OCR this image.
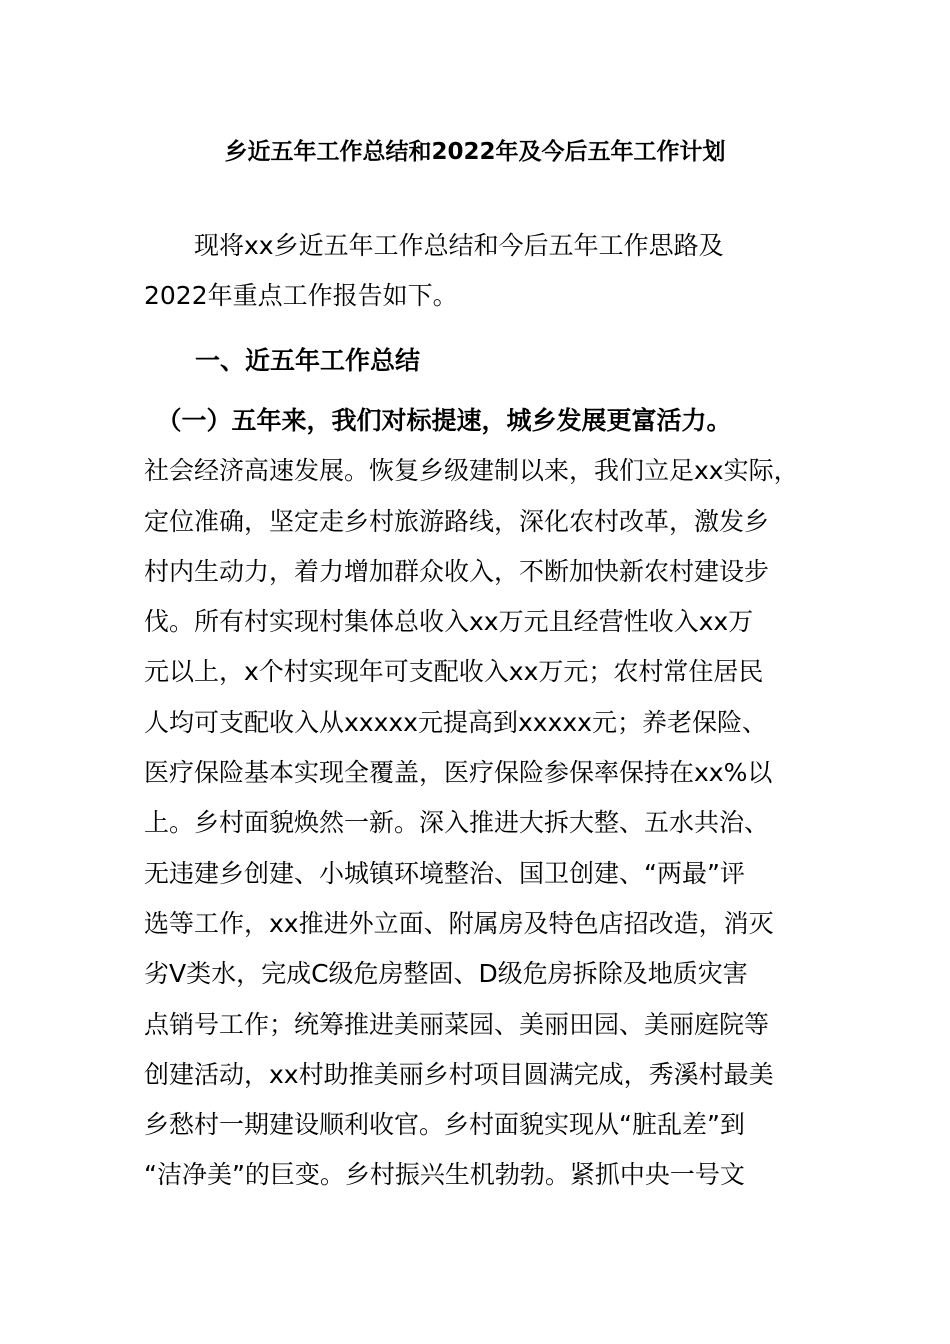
乡近五年工作总结和2022年及今后五年工作计划

　　现将xx乡近五年工作总结和今后五年工作思路及
2022年重点工作报告如下。

一、近五年工作总结

　（一）五年来，我们对标提速，城乡发展更富活力。
社会经济高速发展。恢复乡级建制以来，我们立足xx实际，
定位准确，坚定走乡村旅游路线，深化农村改革，激发乡
村内生动力，着力增加群众收入，不断加快新农村建设步
伐。所有村实现村集体总收入xx万元且经营性收入xx万
元以上，x个村实现年可支配收入xx万元；农村常住居民
人均可支配收入从xxxxx元提高到xxxxx元；养老保险、
医疗保险基本实现全覆盖，医疗保险参保率保持在xx%以
上。乡村面貌焕然一新。深入推进大拆大整、五水共治、
无违建乡创建、小城镇环境整治、国卫创建、“两最”评
选等工作，xx推进外立面、附属房及特色店招改造，消灭
劣Ⅴ类水，完成C级危房整固、D级危房拆除及地质灾害
点销号工作；统筹推进美丽菜园、美丽田园、美丽庭院等
创建活动，xx村助推美丽乡村项目圆满完成，秀溪村最美
乡愁村一期建设顺利收官。乡村面貌实现从“脏乱差”到
“洁净美”的巨变。乡村振兴生机勃勃。紧抓中央一号文
